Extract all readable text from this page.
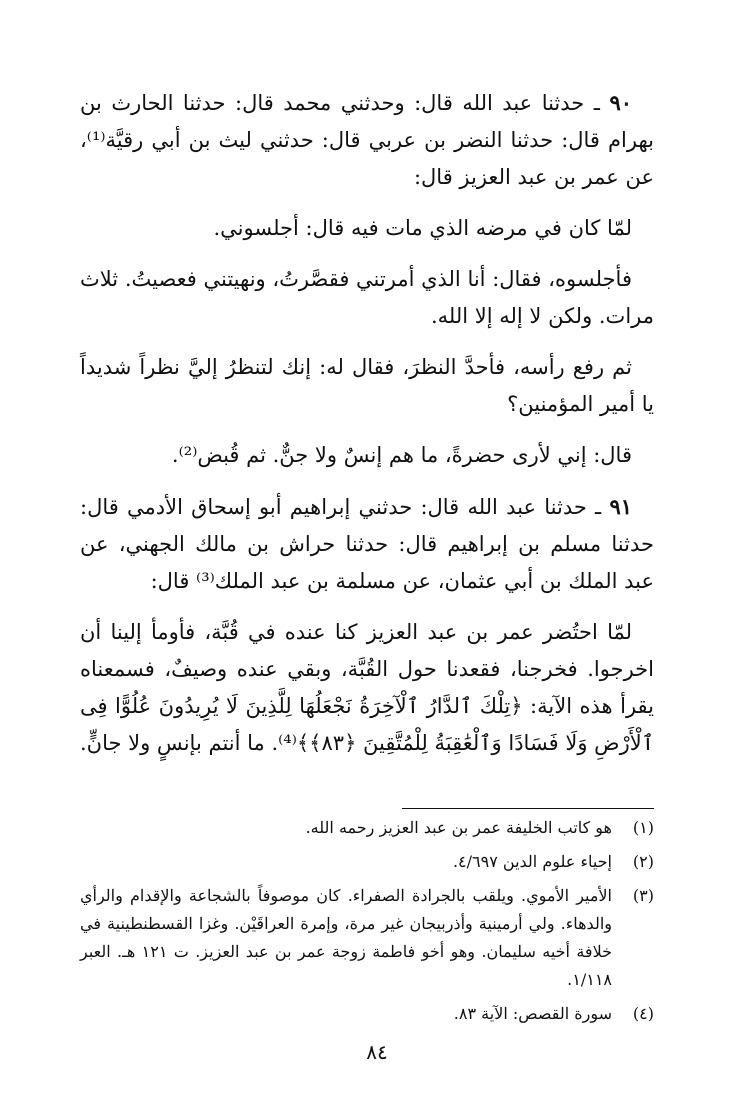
٩٠ ـ حدثنا عبد الله قال: وحدثني محمد قال: حدثنا الحارث بن بهرام قال: حدثنا النضر بن عربي قال: حدثني ليث بن أبي رقيَّة⁽¹⁾، عن عمر بن عبد العزيز قال:

لمّا كان في مرضه الذي مات فيه قال: أجلسوني.

فأجلسوه، فقال: أنا الذي أمرتني فقصَّرتُ، ونهيتني فعصيتُ. ثلاث مرات. ولكن لا إله إلا الله.

ثم رفع رأسه، فأحدَّ النظرَ، فقال له: إنك لتنظرُ إليَّ نظراً شديداً يا أمير المؤمنين؟

قال: إني لأرى حضرةً، ما هم إنسٌ ولا جنٌّ. ثم قُبض⁽²⁾.

٩١ ـ حدثنا عبد الله قال: حدثني إبراهيم أبو إسحاق الأدمي قال: حدثنا مسلم بن إبراهيم قال: حدثنا حراش بن مالك الجهني، عن عبد الملك بن أبي عثمان، عن مسلمة بن عبد الملك⁽³⁾ قال:

لمّا احتُضر عمر بن عبد العزيز كنا عنده في قُبَّة، فأومأ إلينا أن اخرجوا. فخرجنا، فقعدنا حول القُبَّة، وبقي عنده وصيفٌ، فسمعناه يقرأ هذه الآية: ﴿تِلْكَ ٱلدَّارُ ٱلْآخِرَةُ نَجْعَلُهَا لِلَّذِينَ لَا يُرِيدُونَ عُلُوًّا فِى ٱلْأَرْضِ وَلَا فَسَادًا وَٱلْعَٰقِبَةُ لِلْمُتَّقِينَ ﴿٨٣﴾﴾⁽⁴⁾. ما أنتم بإنسٍ ولا جانٍّ.

(١)
هو كاتب الخليفة عمر بن عبد العزيز رحمه الله.
(٢)
إحياء علوم الدين ٤/٦٩٧.
(٣)
الأمير الأموي. ويلقب بالجرادة الصفراء. كان موصوفاً بالشجاعة والإقدام والرأي والدهاء. ولي أرمينية وأذربيجان غير مرة، وإمرة العراقَيْن. وغزا القسطنطينية في خلافة أخيه سليمان. وهو أخو فاطمة زوجة عمر بن عبد العزيز. ت ١٢١ هـ. العبر ١/١١٨.
(٤)
سورة القصص: الآية ٨٣.
٨٤
